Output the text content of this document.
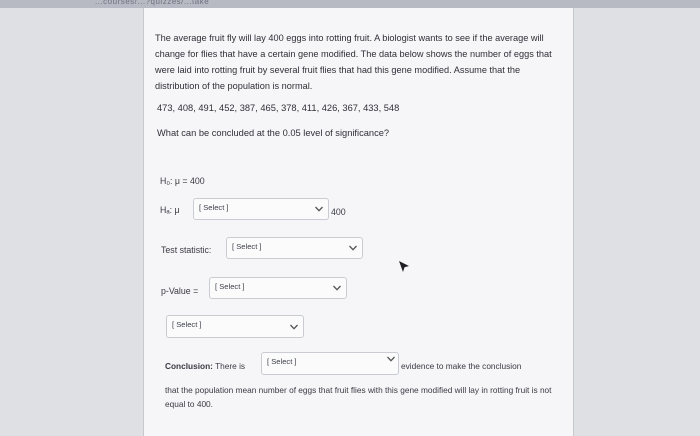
...courses/...?quizzes/...take
The average fruit fly will lay 400 eggs into rotting fruit. A biologist wants to see if the average will change for flies that have a certain gene modified. The data below shows the number of eggs that were laid into rotting fruit by several fruit flies that had this gene modified. Assume that the distribution of the population is normal.
473, 408, 491, 452, 387, 465, 378, 411, 426, 367, 433, 548
What can be concluded at the 0.05 level of significance?
H₀: μ = 400
Hₐ: μ	[ Select ]	400
Test statistic:	[ Select ]
p-Value = [ Select ]
[ Select ]
Conclusion: There is	[ Select ]	evidence to make the conclusion
that the population mean number of eggs that fruit flies with this gene modified will lay in rotting fruit is not equal to 400.
